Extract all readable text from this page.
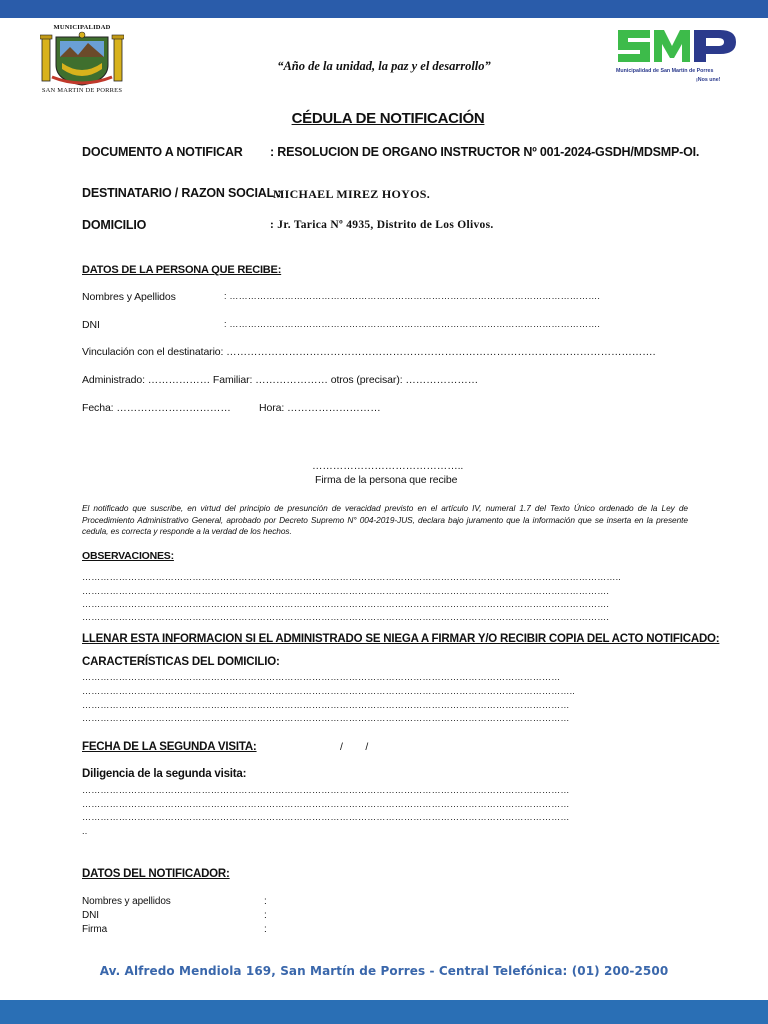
MUNICIPALIDAD
SAN MARTIN DE PORRES
“Año de la unidad, la paz y el desarrollo”	Municipalidad de San Martín de Porres
¡Nos une!
CÉDULA DE NOTIFICACIÓN
DOCUMENTO A NOTIFICAR : RESOLUCION DE ORGANO INSTRUCTOR Nº 001-2024-GSDH/MDSMP-OI.
DESTINATARIO / RAZON SOCIAL :
MICHAEL MIREZ HOYOS.
DOMICILIO	: Jr. Tarica Nº 4935, Distrito de Los Olivos.
DATOS DE LA PERSONA QUE RECIBE:
Nombres y Apellidos	: ………………………………………………………………………………………………………….
DNI	: ………………………………………………………………………………………………………….
Vinculación con el destinatario: …………………………………………………………………………………………………………….
Administrado: ……………… Familiar: ………………… otros (precisar): …………………
Fecha: ……………………………	Hora: ………………………
……………………………………..
Firma de la persona que recibe
El notificado que suscribe, en virtud del principio de presunción de veracidad previsto en el artículo IV, numeral 1.7 del Texto Único ordenado de la Ley de Procedimiento Administrativo General, aprobado por Decreto Supremo N° 004-2019-JUS, declara bajo juramento que la información que se inserta en la presente cedula, es correcta y responde a la verdad de los hechos.
OBSERVACIONES:
…………………………………………………………………………………………………………………………………………………………..
……………………………………………………………………………………………………………………………………………………….
……………………………………………………………………………………………………………………………………………………….
……………………………………………………………………………………………………………………………………………………….
LLENAR ESTA INFORMACION SI EL ADMINISTRADO SE NIEGA A FIRMAR Y/O RECIBIR COPIA DEL ACTO NOTIFICADO:
CARACTERÍSTICAS DEL DOMICILIO:
…………………………………………………………………………………………………………………………………………
……………………………………………………………………………………………………………………………………………..
……………………………………………………………………………………………………………………………………………
……………………………………………………………………………………………………………………………………………
FECHA DE LA SEGUNDA VISITA:	/        /
Diligencia de la segunda visita:
……………………………………………………………………………………………………………………………………………
……………………………………………………………………………………………………………………………………………
……………………………………………………………………………………………………………………………………………
..
DATOS DEL NOTIFICADOR:
Nombres y apellidos	:
DNI	:
Firma	:
Av. Alfredo Mendiola 169, San Martín de Porres - Central Telefónica: (01) 200-2500
